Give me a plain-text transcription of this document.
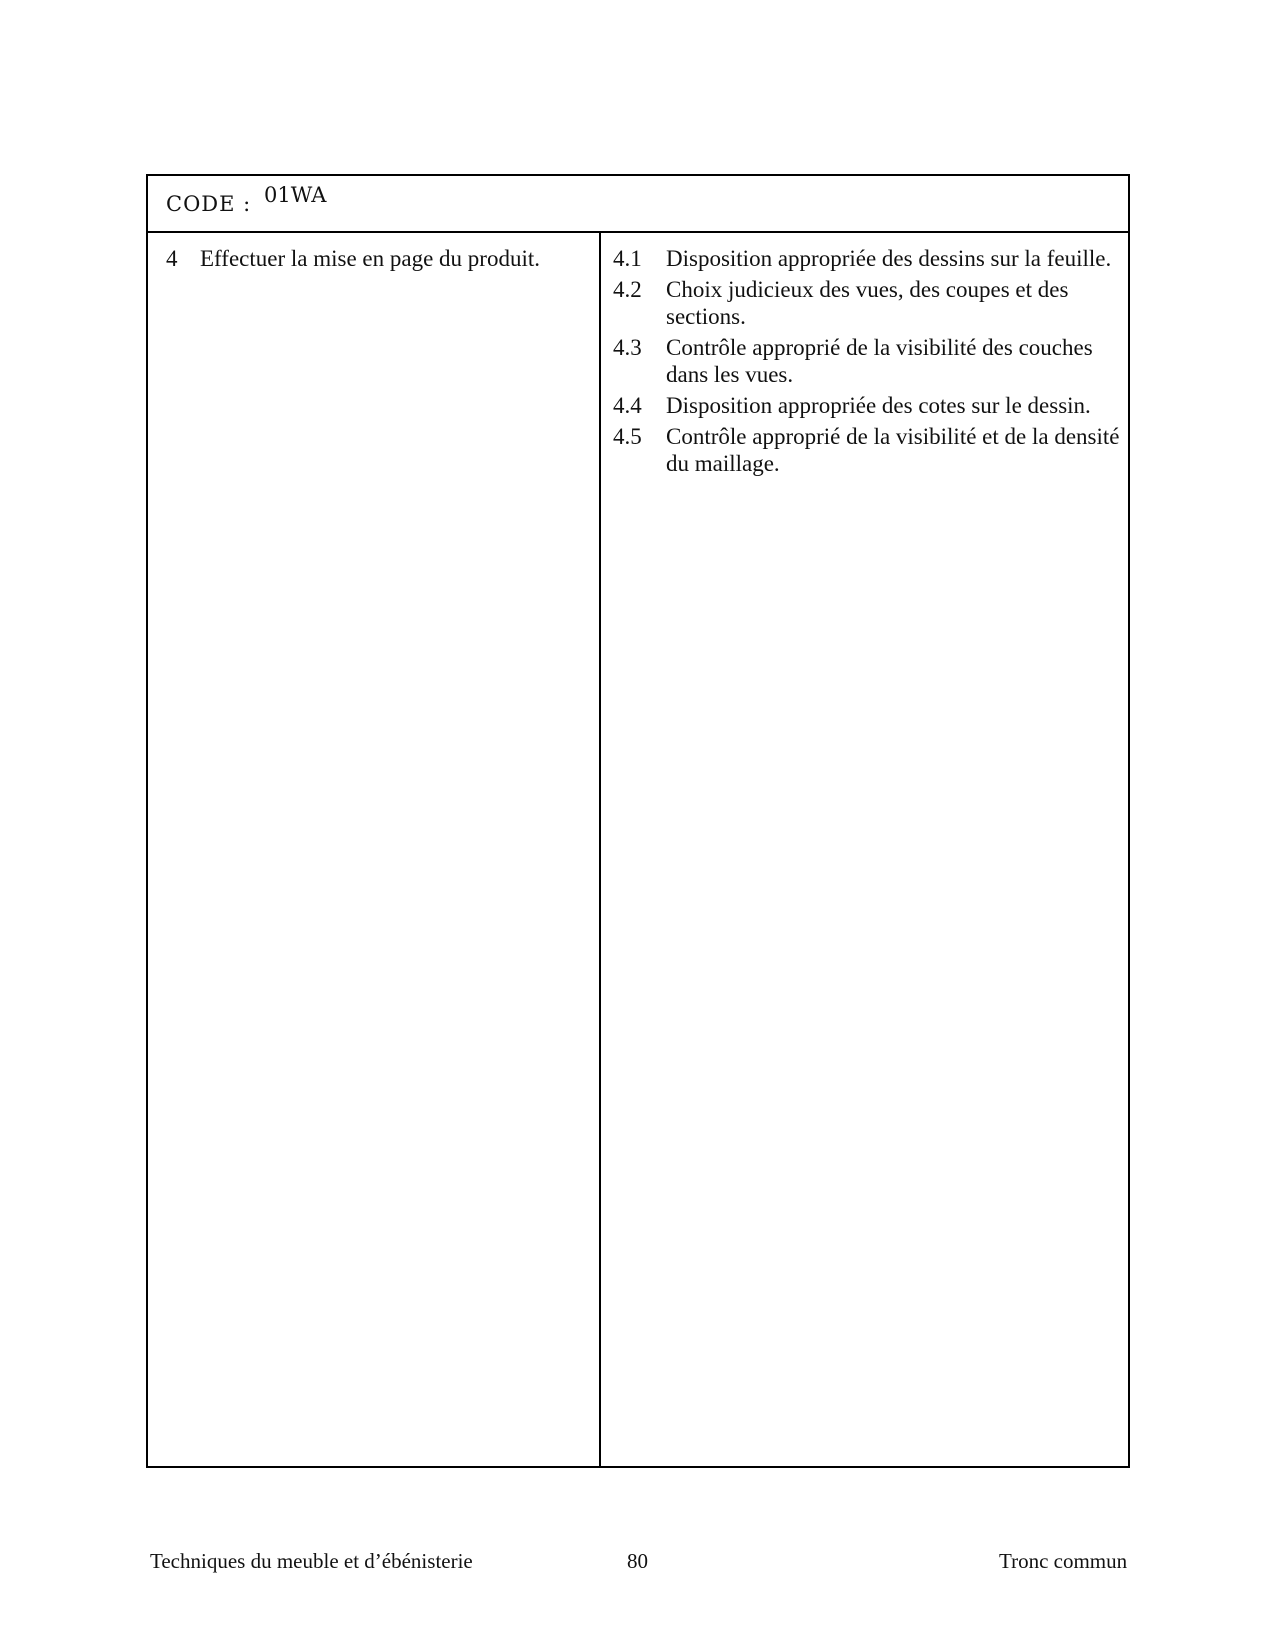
CODE : 01WA
4 Effectuer la mise en page du produit.	4.1	Disposition appropriée des dessins sur la feuille.
4.2	Choix judicieux des vues, des coupes et des sections.
4.3	Contrôle approprié de la visibilité des couches dans les vues.
4.4	Disposition appropriée des cotes sur le dessin.
4.5	Contrôle approprié de la visibilité et de la densité du maillage.
Techniques du meuble et d’ébénisterie	80	Tronc commun
